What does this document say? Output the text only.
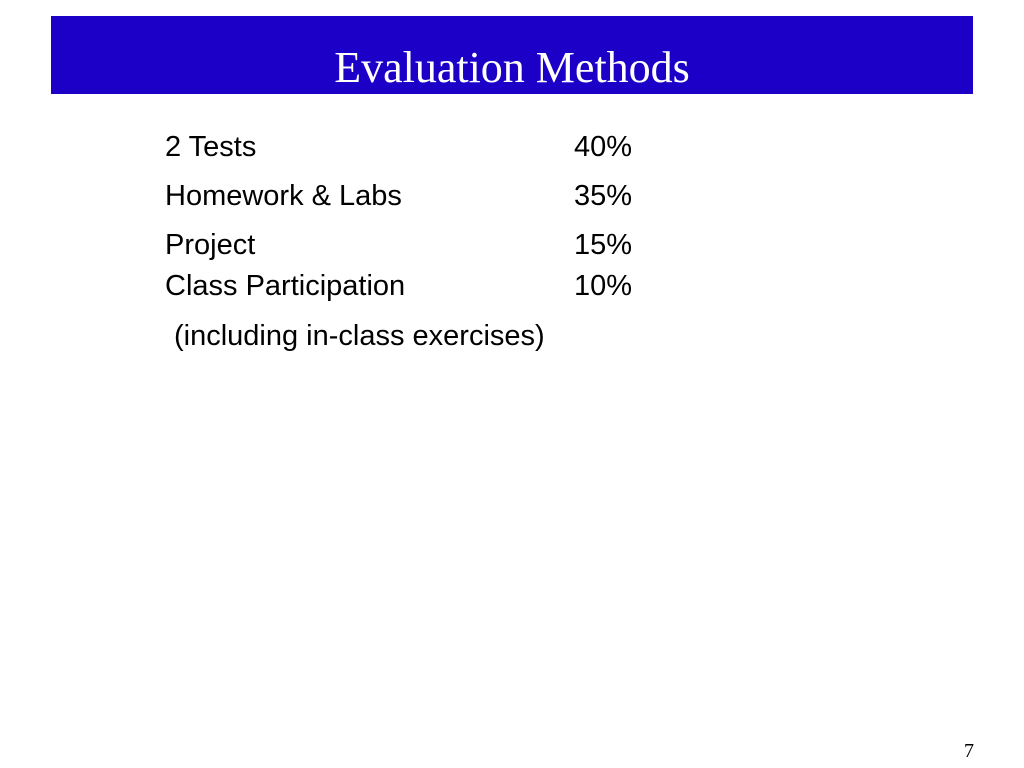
Evaluation Methods
2 Tests	40%
Homework & Labs	35%
Project	15%
Class Participation	10%
(including in-class exercises)
7
